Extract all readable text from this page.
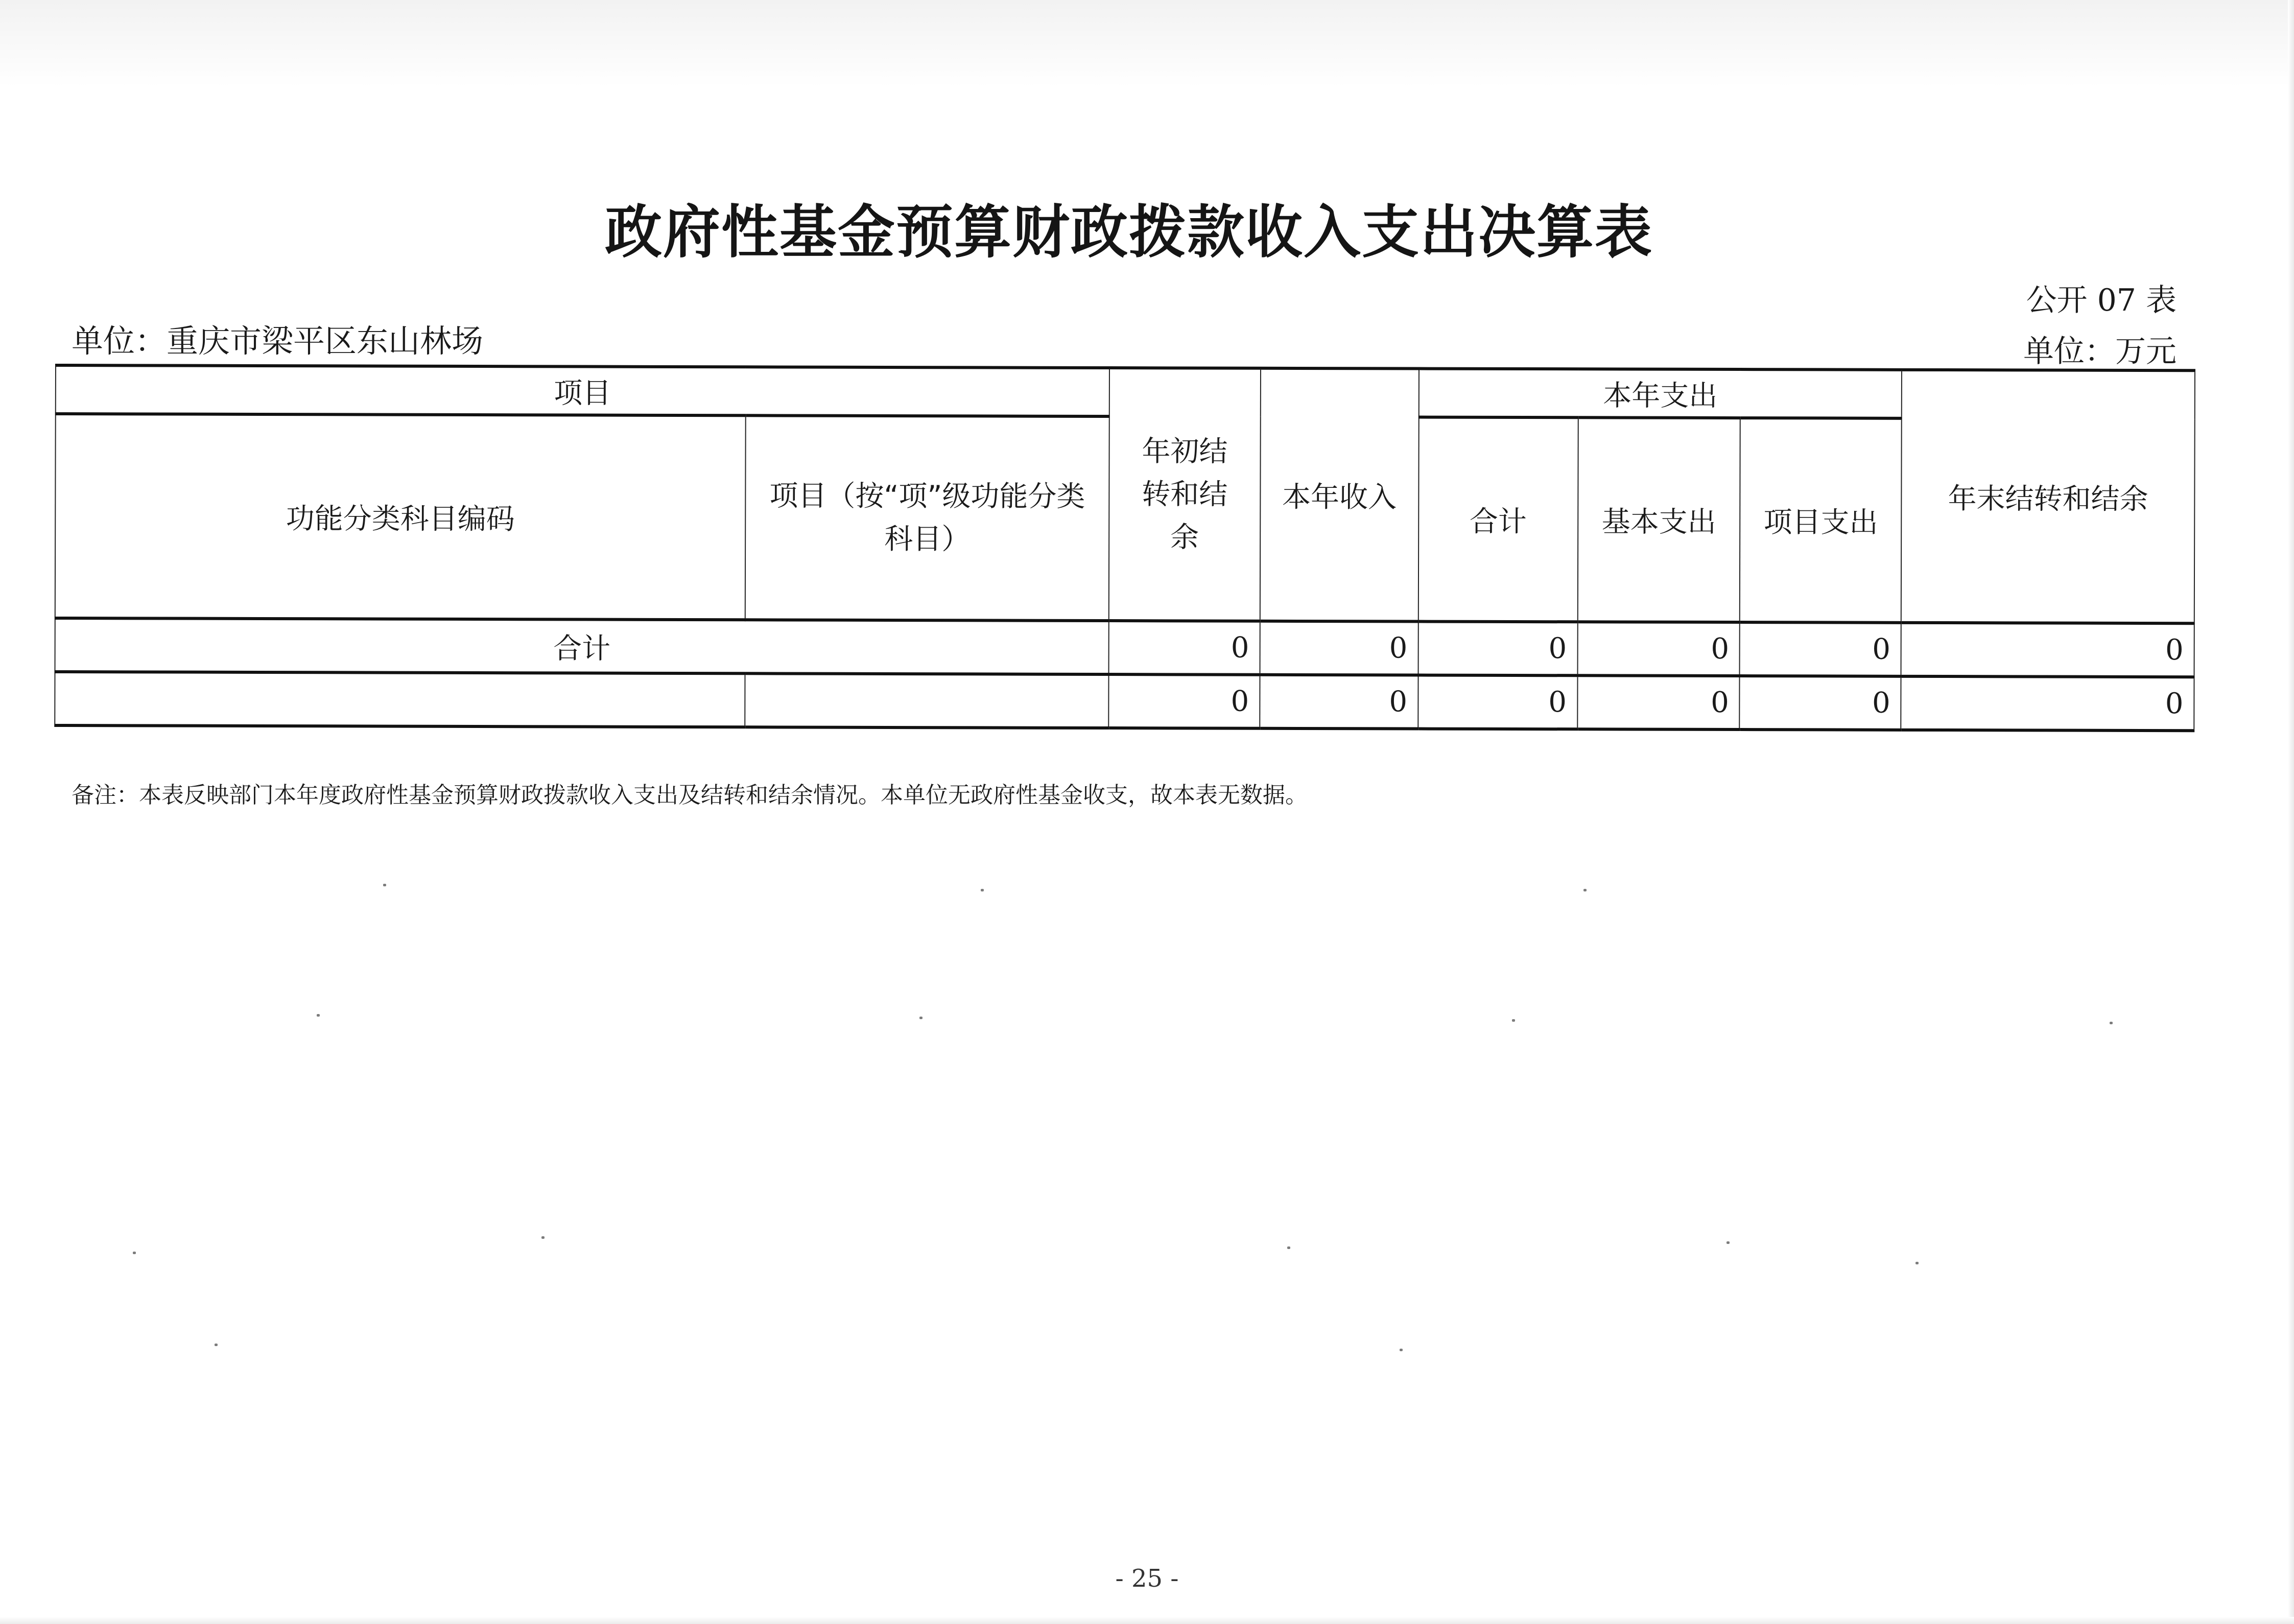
政府性基金预算财政拨款收入支出决算表
公开 07 表
单位：重庆市梁平区东山林场	单位：万元
项目		年初结
转和结
余	本年收入	本年支出			年末结转和结余
功能分类科目编码	项目（按“项”级功能分类科目）			合计	基本支出	项目支出	
合计		0	0	0	0	0	0
		0	0	0	0	0	0
备注：本表反映部门本年度政府性基金预算财政拨款收入支出及结转和结余情况。本单位无政府性基金收支，故本表无数据。
- 25 -
